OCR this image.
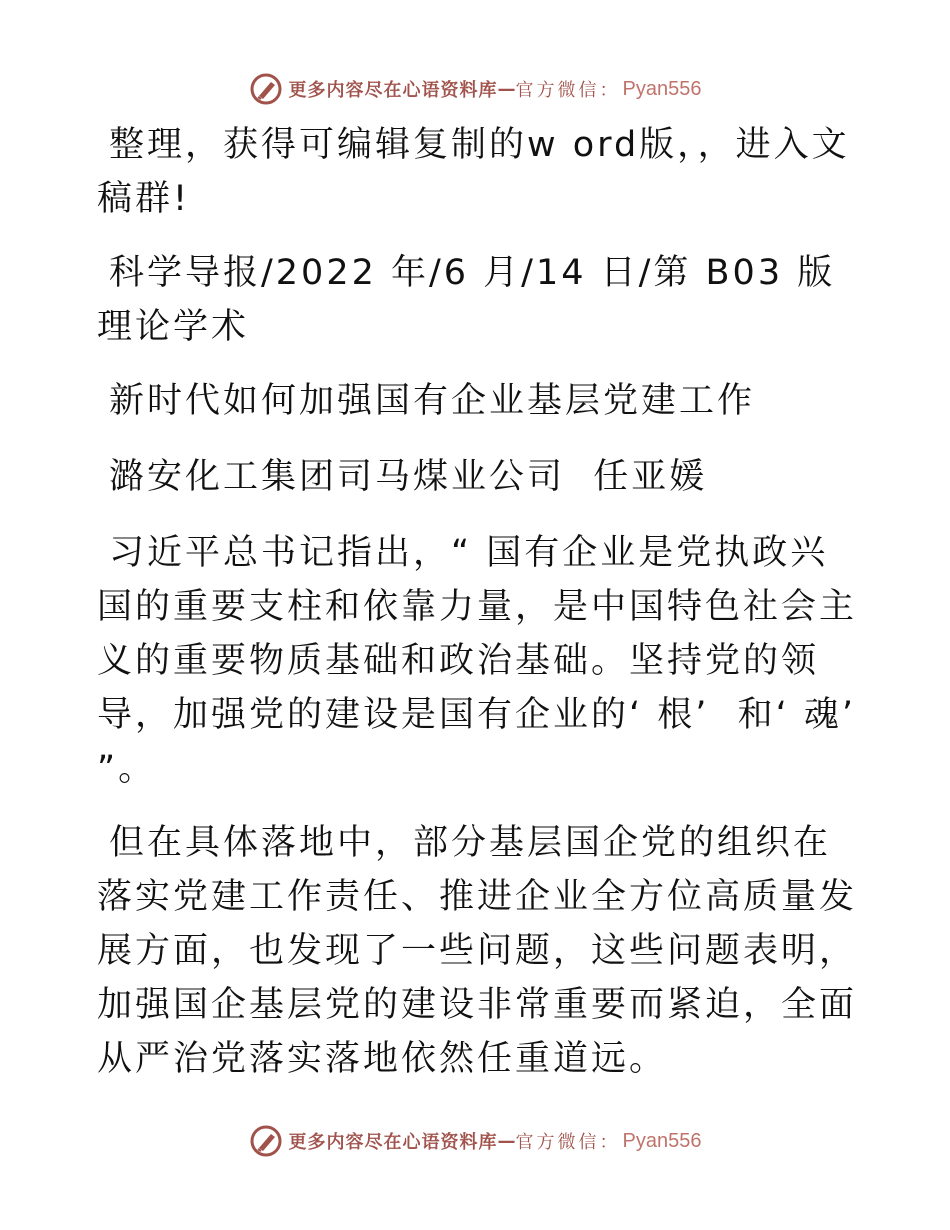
更多内容尽在心语资料库 — 官方微信： Pyan556

整理，获得可编辑复制的w ord版，，进入文稿群!

科学导报/2022 年/6 月/14 日/第 B03 版理论学术

新时代如何加强国有企业基层党建工作

潞安化工集团司马煤业公司  任亚媛

习近平总书记指出，“ 国有企业是党执政兴国的重要支柱和依靠力量，是中国特色社会主义的重要物质基础和政治基础。坚持党的领导，加强党的建设是国有企业的‘ 根’  和‘ 魂’  ”。

但在具体落地中，部分基层国企党的组织在落实党建工作责任、推进企业全方位高质量发展方面，也发现了一些问题，这些问题表明，加强国企基层党的建设非常重要而紧迫，全面从严治党落实落地依然任重道远。

更多内容尽在心语资料库 — 官方微信： Pyan556
